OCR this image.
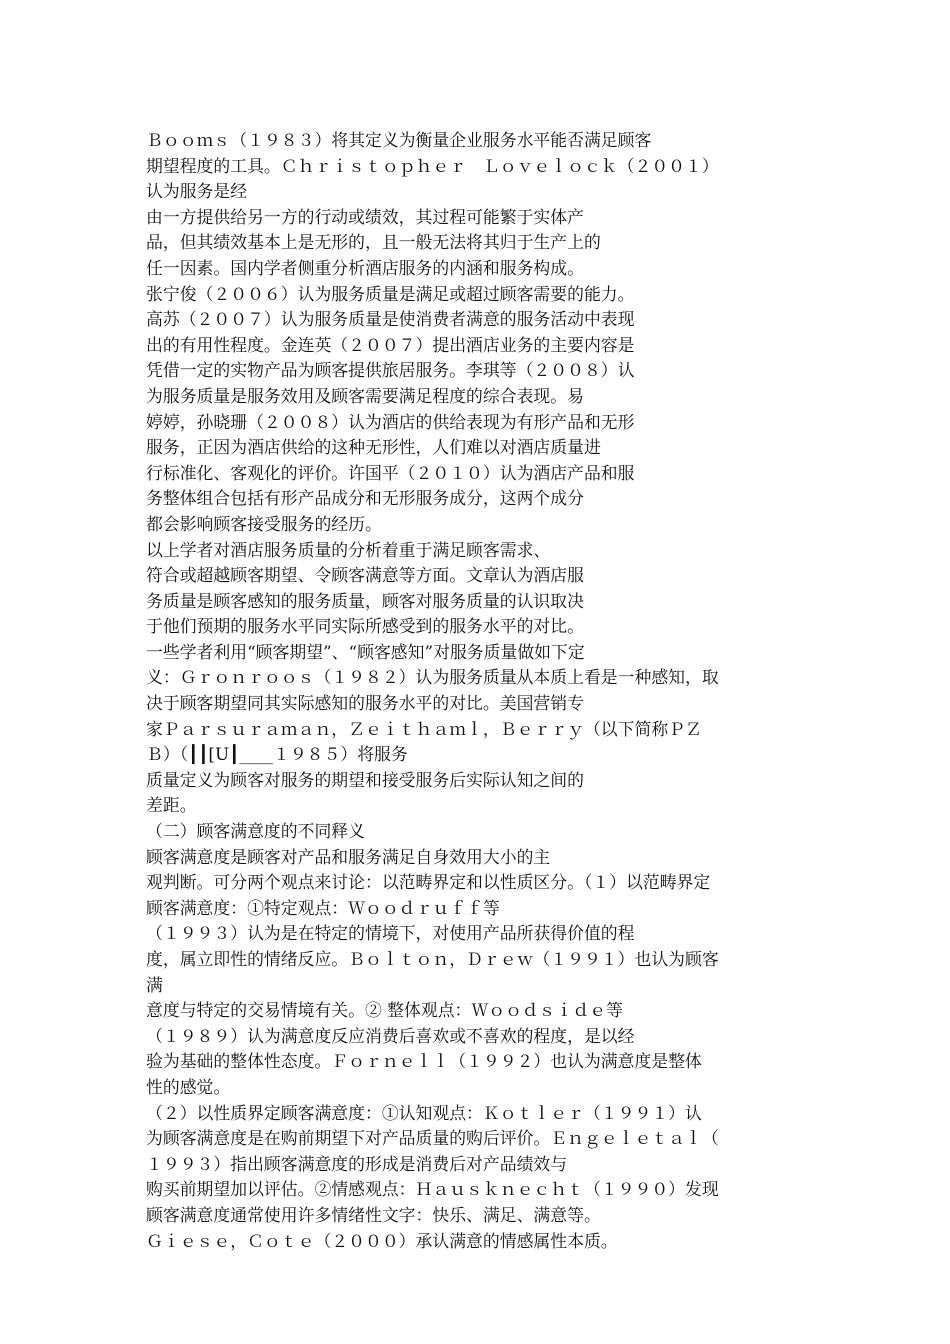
Ｂｏｏｍｓ（１９８３）将其定义为衡量企业服务水平能否满足顾客
期望程度的工具。Ｃｈｒｉｓｔｏｐｈｅｒ　Ｌｏｖｅｌｏｃｋ（２００１）
认为服务是经
由一方提供给另一方的行动或绩效，其过程可能繁于实体产
品，但其绩效基本上是无形的，且一般无法将其归于生产上的
任一因素。国内学者侧重分析酒店服务的内涵和服务构成。
张宁俊（２００６）认为服务质量是满足或超过顾客需要的能力。
高苏（２００７）认为服务质量是使消费者满意的服务活动中表现
出的有用性程度。金连英（２００７）提出酒店业务的主要内容是
凭借一定的实物产品为顾客提供旅居服务。李琪等（２００８）认
为服务质量是服务效用及顾客需要满足程度的综合表现。易
婷婷，孙晓珊（２００８）认为酒店的供给表现为有形产品和无形
服务，正因为酒店供给的这种无形性，人们难以对酒店质量进
行标准化、客观化的评价。许国平（２０１０）认为酒店产品和服
务整体组合包括有形产品成分和无形服务成分，这两个成分
都会影响顾客接受服务的经历。
以上学者对酒店服务质量的分析着重于满足顾客需求、
符合或超越顾客期望、令顾客满意等方面。文章认为酒店服
务质量是顾客感知的服务质量，顾客对服务质量的认识取决
于他们预期的服务水平同实际所感受到的服务水平的对比。
一些学者利用“顾客期望”、“顾客感知”对服务质量做如下定
义：Ｇｒｏｎｒｏｏｓ（１９８２）认为服务质量从本质上看是一种感知，取
决于顾客期望同其实际感知的服务水平的对比。美国营销专
家Ｐａｒｓｕｒａｍａｎ，Ｚｅｉｔｈａｍｌ，Ｂｅｒｒｙ（以下简称ＰＺ
Ｂ）（┃┃[U┃____１９８５）将服务
质量定义为顾客对服务的期望和接受服务后实际认知之间的
差距。
（二）顾客满意度的不同释义
顾客满意度是顾客对产品和服务满足自身效用大小的主
观判断。可分两个观点来讨论：以范畴界定和以性质区分。（１）以范畴界定
顾客满意度：①特定观点：Ｗｏｏｄｒｕｆｆ等
（１９９３）认为是在特定的情境下，对使用产品所获得价值的程
度，属立即性的情绪反应。Ｂｏｌｔｏｎ，Ｄｒｅｗ（１９９１）也认为顾客
满
意度与特定的交易情境有关。② 整体观点：Ｗｏｏｄｓｉｄｅ等
（１９８９）认为满意度反应消费后喜欢或不喜欢的程度，是以经
验为基础的整体性态度。Ｆｏｒｎｅｌｌ（１９９２）也认为满意度是整体
性的感觉。
（２）以性质界定顾客满意度：①认知观点：Ｋｏｔｌｅｒ（１９９１）认
为顾客满意度是在购前期望下对产品质量的购后评价。Ｅｎｇｅｌｅｔａｌ（
１９９３）指出顾客满意度的形成是消费后对产品绩效与
购买前期望加以评估。②情感观点：Ｈａｕｓｋｎｅｃｈｔ（１９９０）发现
顾客满意度通常使用许多情绪性文字：快乐、满足、满意等。
Ｇｉｅｓｅ，Ｃｏｔｅ（２０００）承认满意的情感属性本质。
